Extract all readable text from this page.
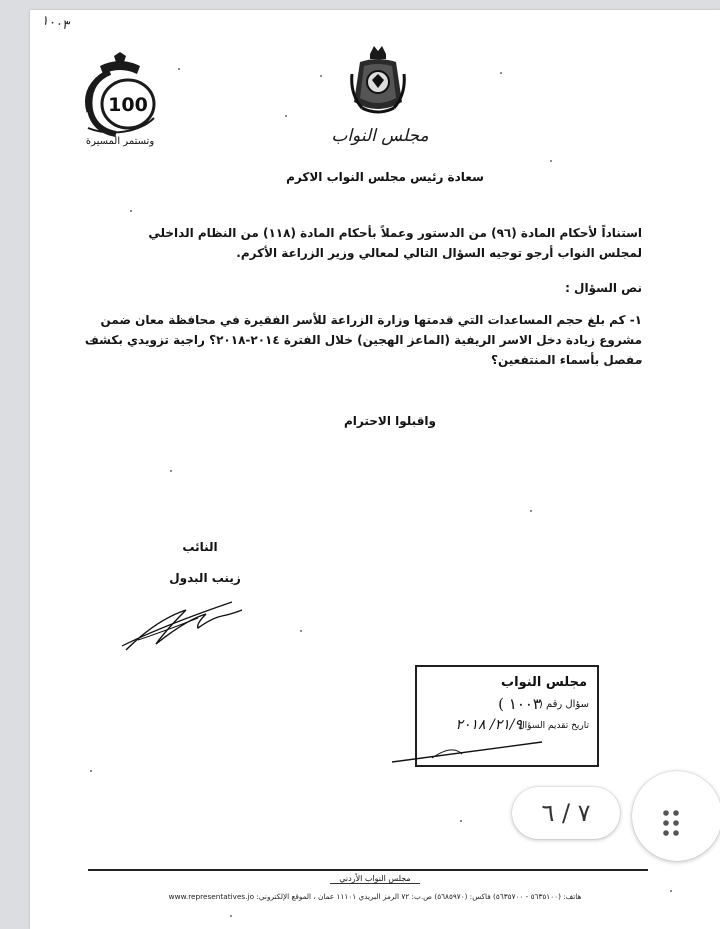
١٠٠٣
100
وتستمر المسيرة	مجلس النواب
سعادة رئيس مجلس النواب الاكرم
استناداً لأحكام المادة (٩٦) من الدستور وعملاً بأحكام المادة (١١٨) من النظام الداخلي لمجلس النواب أرجو توجيه السؤال التالي لمعالي وزير الزراعة الأكرم.
نص السؤال :
١- كم بلغ حجم المساعدات التي قدمتها وزارة الزراعة للأسر الفقيرة في محافظة معان ضمن مشروع زيادة دخل الاسر الريفية (الماعز الهجين) خلال الفترة ٢٠١٤-٢٠١٨؟ راجية تزويدي بكشف مفصل بأسماء المنتفعين؟
واقبلوا الاحترام
النائب
زينب البدول
مجلس النواب
سؤال رقم (
١٠٠٣ )
تاريخ تقديم السؤال
٢١/٩/ ٢٠١٨
مجلس النواب الأردني
هاتف: (٥٦٣٥١٠٠ - ٥٦٣٥٧٠٠) فاكس: (٥٦٨٥٩٧٠) ص.ب: ٧٢ الرمز البريدي ١١١٠١ عمان ، الموقع الإلكتروني: www.representatives.jo
٧ / ٦
